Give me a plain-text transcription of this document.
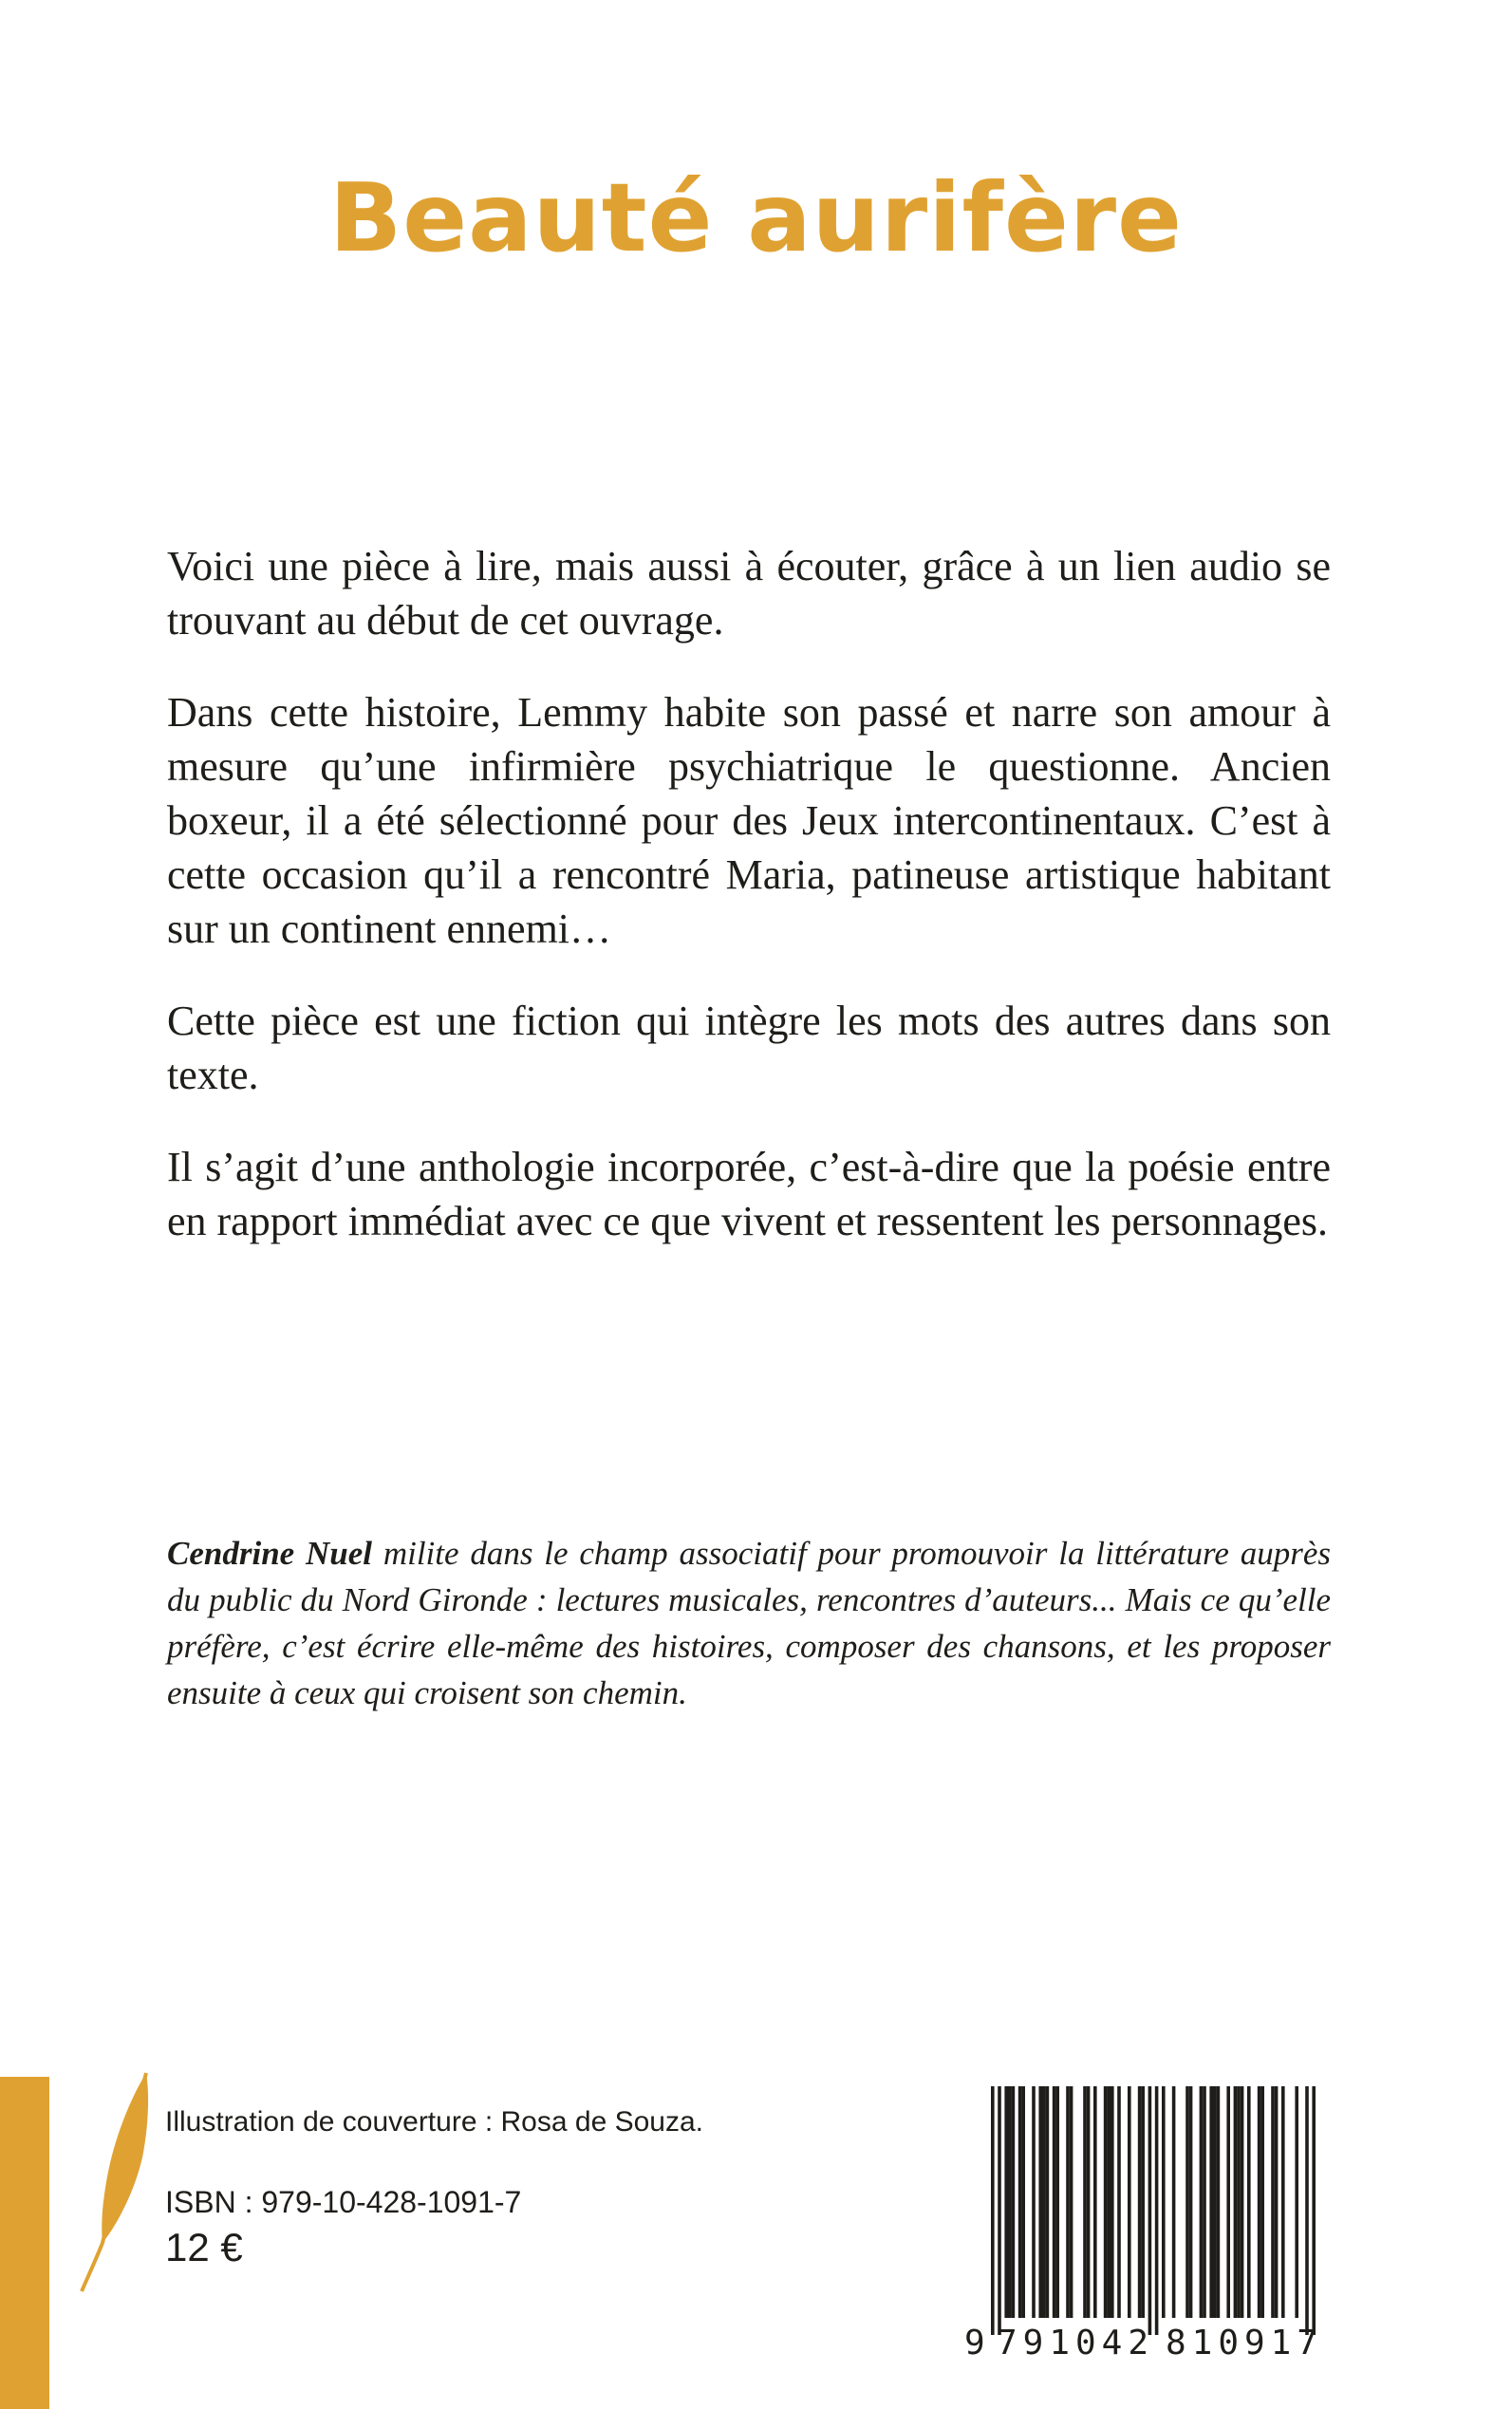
Beauté aurifère

Voici une pièce à lire, mais aussi à écouter, grâce à un lien audio se trouvant au début de cet ouvrage.

Dans cette histoire, Lemmy habite son passé et narre son amour à mesure qu’une infirmière psychiatrique le questionne. Ancien boxeur, il a été sélectionné pour des Jeux intercontinentaux. C’est à cette occasion qu’il a rencontré Maria, patineuse artistique habitant sur un continent ennemi…

Cette pièce est une fiction qui intègre les mots des autres dans son texte.

Il s’agit d’une anthologie incorporée, c’est-à-dire que la poésie entre en rapport immédiat avec ce que vivent et ressentent les personnages.

Cendrine Nuel milite dans le champ associatif pour promouvoir la littérature auprès du public du Nord Gironde : lectures musicales, rencontres d’auteurs... Mais ce qu’elle préfère, c’est écrire elle-même des histoires, composer des chansons, et les proposer ensuite à ceux qui croisent son chemin.
Illustration de couverture : Rosa de Souza.
ISBN : 979-10-428-1091-7
12 €
9 791042 810917
